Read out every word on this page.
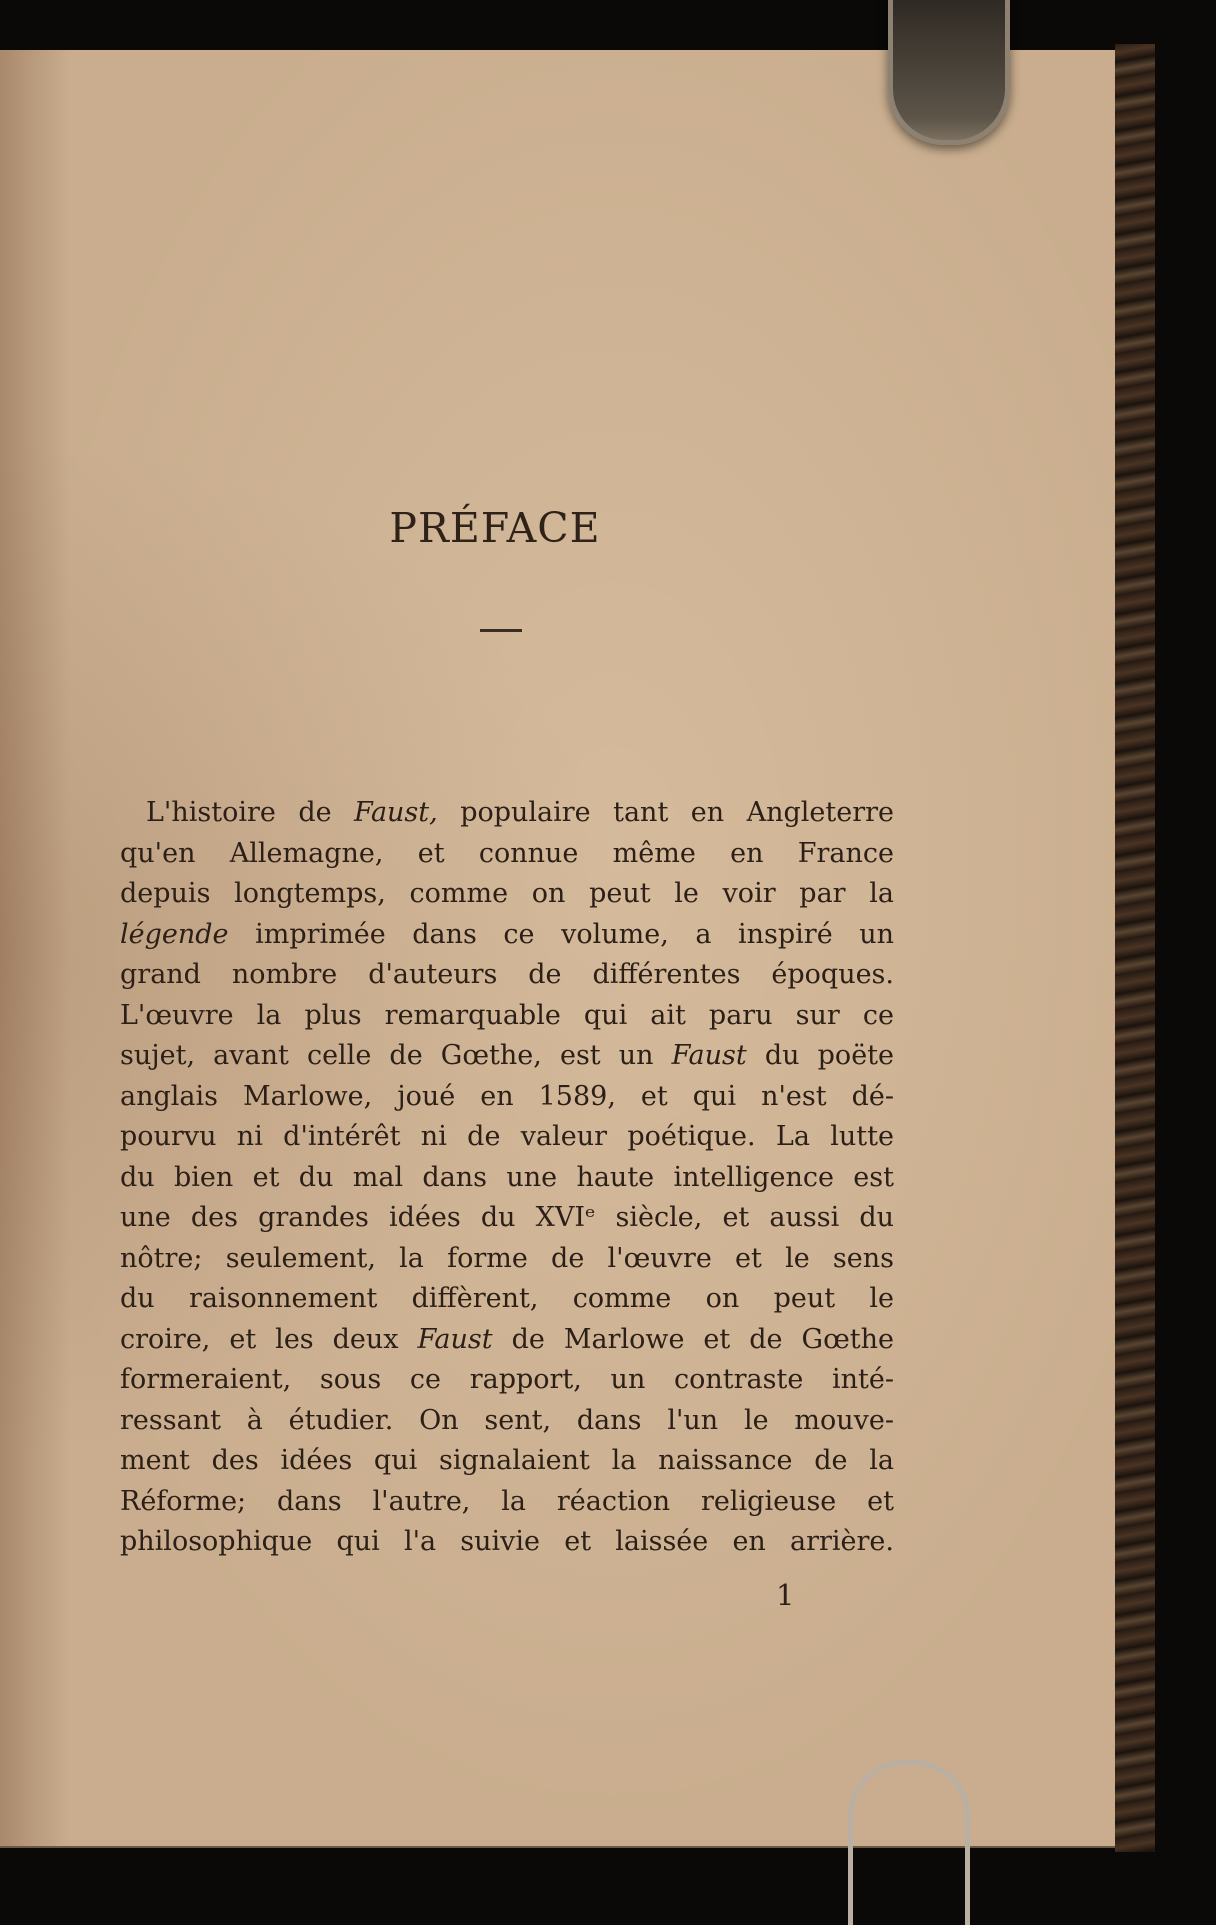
PRÉFACE
L'histoire de Faust, populaire tant en Angleterre
qu'en Allemagne, et connue même en France
depuis longtemps, comme on peut le voir par la
légende imprimée dans ce volume, a inspiré un
grand nombre d'auteurs de différentes époques.
L'œuvre la plus remarquable qui ait paru sur ce
sujet, avant celle de Gœthe, est un Faust du poëte
anglais Marlowe, joué en 1589, et qui n'est dé-
pourvu ni d'intérêt ni de valeur poétique. La lutte
du bien et du mal dans une haute intelligence est
une des grandes idées du XVIᵉ siècle, et aussi du
nôtre; seulement, la forme de l'œuvre et le sens
du raisonnement diffèrent, comme on peut le
croire, et les deux Faust de Marlowe et de Gœthe
formeraient, sous ce rapport, un contraste inté-
ressant à étudier. On sent, dans l'un le mouve-
ment des idées qui signalaient la naissance de la
Réforme; dans l'autre, la réaction religieuse et
philosophique qui l'a suivie et laissée en arrière.
1
